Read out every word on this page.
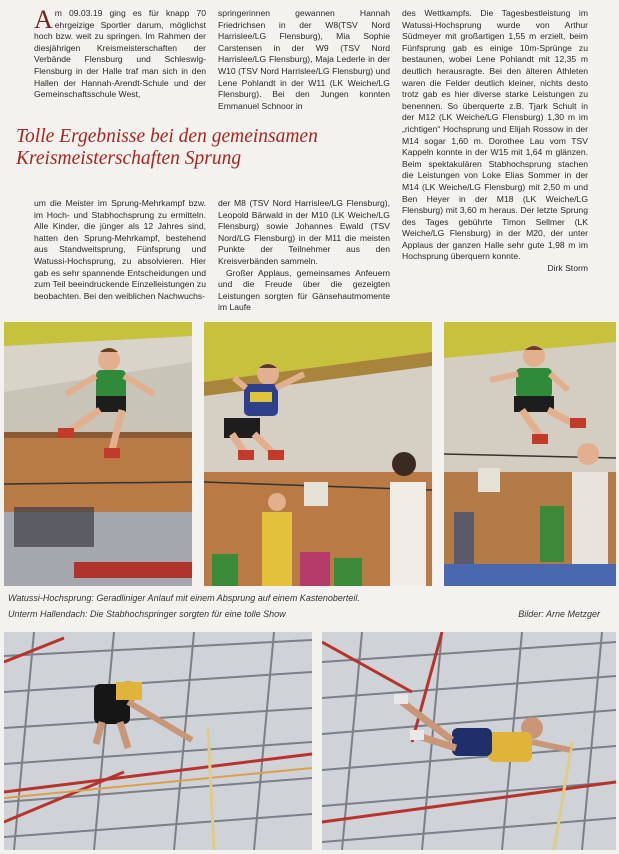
Am 09.03.19 ging es für knapp 70 ehrgeizige Sportler darum, möglichst hoch bzw. weit zu springen. Im Rahmen der diesjährigen Kreismeisterschaften der Verbände Flensburg und Schleswig-Flensburg in der Halle traf man sich in den Hallen der Hannah-Arendt-Schule und der Gemeinschaftsschule West,

springerinnen gewannen Hannah Friedrichsen in der W8(TSV Nord Harrislee/LG Flensburg), Mia Sophie Carstensen in der W9 (TSV Nord Harrislee/LG Flensburg), Maja Lederle in der W10 (TSV Nord Harrislee/LG Flensburg) und Lene Pohlandt in der W11 (LK Weiche/LG Flensburg). Bei den Jungen konnten Emmanuel Schnoor in

des Wettkampfs. Die Tagesbestleistung im Watussi-Hochsprung wurde von Arthur Südmeyer mit großartigen 1,55 m erzielt, beim Fünfsprung gab es einige 10m-Sprünge zu bestaunen, wobei Lene Pohlandt mit 12,35 m deutlich herausragte. Bei den älteren Athleten waren die Felder deutlich kleiner, nichts desto trotz gab es hier diverse starke Leistungen zu benennen. So überquerte z.B. Tjark Schult in der M12 (LK Weiche/LG Flensburg) 1,30 m im „richtigen“ Hochsprung und Elijah Rossow in der M14 sogar 1,60 m. Dorothee Lau vom TSV Kappeln konnte in der W15 mit 1,64 m glänzen. Beim spektakulären Stabhochsprung stachen die Leistungen von Loke Elias Sommer in der M14 (LK Weiche/LG Flensburg) mit 2,50 m und Ben Heyer in der M18 (LK Weiche/LG Flensburg) mit 3,60 m heraus. Der letzte Sprung des Tages gebührte Timon Sellmer (LK Weiche/LG Flensburg) in der M20, der unter Applaus der ganzen Halle sehr gute 1,98 m im Hochsprung überquern konnte.

Dirk Storm

Tolle Ergebnisse bei den gemeinsamen
Kreismeisterschaften Sprung

um die Meister im Sprung-Mehrkampf bzw. im Hoch- und Stabhochsprung zu ermitteln. Alle Kinder, die jünger als 12 Jahres sind, hatten den Sprung-Mehrkampf, bestehend aus Standweitsprung, Fünfsprung und Watussi-Hochsprung, zu absolvieren. Hier gab es sehr spannende Entscheidungen und zum Teil beeindruckende Einzelleistungen zu beobachten. Bei den weiblichen Nachwuchs-

der M8 (TSV Nord Harrislee/LG Flensburg), Leopold Bärwald in der M10 (LK Weiche/LG Flensburg) sowie Johannes Ewald (TSV Nord/LG Flensburg) in der M11 die meisten Punkte der Teilnehmer aus den Kreisverbänden sammeln.

Großer Applaus, gemeinsames Anfeuern und die Freude über die gezeigten Leistungen sorgten für Gänsehautmomente im Laufe

Watussi-Hochsprung: Geradliniger Anlauf mit einem Absprung auf einem Kastenoberteil.
Unterm Hallendach: Die Stabhochspringer sorgten für eine tolle Show	Bilder: Arne Metzger
